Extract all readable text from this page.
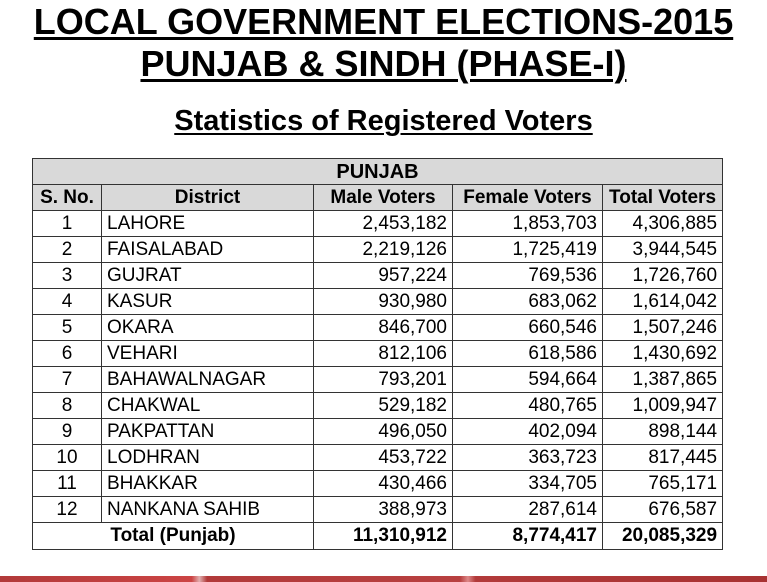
LOCAL GOVERNMENT ELECTIONS-2015
PUNJAB & SINDH (PHASE-I)
Statistics of Registered Voters
PUNJAB				
S. No.	District	Male Voters	Female Voters	Total Voters
1	LAHORE	2,453,182	1,853,703	4,306,885
2	FAISALABAD	2,219,126	1,725,419	3,944,545
3	GUJRAT	957,224	769,536	1,726,760
4	KASUR	930,980	683,062	1,614,042
5	OKARA	846,700	660,546	1,507,246
6	VEHARI	812,106	618,586	1,430,692
7	BAHAWALNAGAR	793,201	594,664	1,387,865
8	CHAKWAL	529,182	480,765	1,009,947
9	PAKPATTAN	496,050	402,094	898,144
10	LODHRAN	453,722	363,723	817,445
11	BHAKKAR	430,466	334,705	765,171
12	NANKANA SAHIB	388,973	287,614	676,587
Total (Punjab)		11,310,912	8,774,417	20,085,329
